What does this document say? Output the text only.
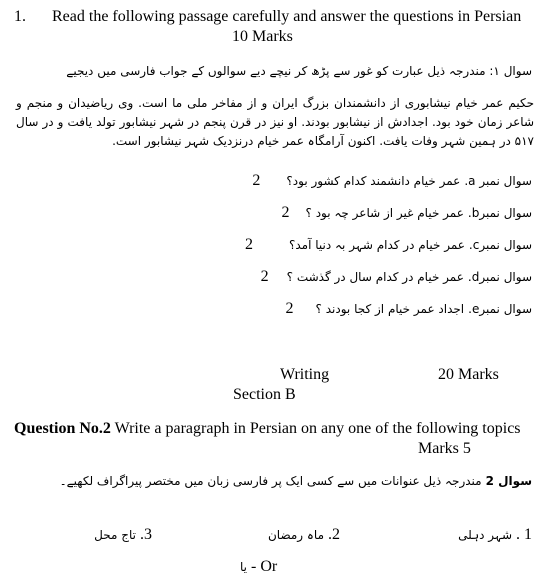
1. Read the following passage carefully and answer the questions in Persian
10 Marks
سوال ۱: مندرجہ ذیل عبارت کو غور سے پڑھ کر نیچے دیے سوالوں کے جواب فارسی میں دیجیے
حکیم عمر خیام نیشابوری از دانشمندان بزرگ ایران و از مفاخر ملی ما است. وی ریاضیدان و منجم و شاعر زمان خود بود. اجدادش از نیشابور بودند. او نیز در قرن پنجم در شہر نیشابور تولد یافت و در سال ۵۱۷ در ہمین شہر وفات یافت. اکنون آرامگاہ عمر خیام درنزدیک شہر نیشابور است.
سوال نمبر a. عمر خیام دانشمند کدام کشور بود؟ 2
سوال نمبرb. عمر خیام غیر از شاعر چہ بود ؟ 2
سوال نمبرc. عمر خیام در کدام شہر بہ دنیا آمد؟ 2
سوال نمبرd. عمر خیام در کدام سال در گذشت ؟ 2
سوال نمبرe. اجداد عمر خیام از کجا بودند ؟ 2
Writing	20 Marks
Section B
Question No.2 Write a paragraph in Persian on any one of the following topics
Marks 5
سوال 2 مندرجہ ذیل عنوانات میں سے کسی ایک پر فارسی زبان میں مختصر پیراگراف لکھیے۔
1 . شہر دہلی
2. ماہ رمضان
3. تاج محل
یا - Or
